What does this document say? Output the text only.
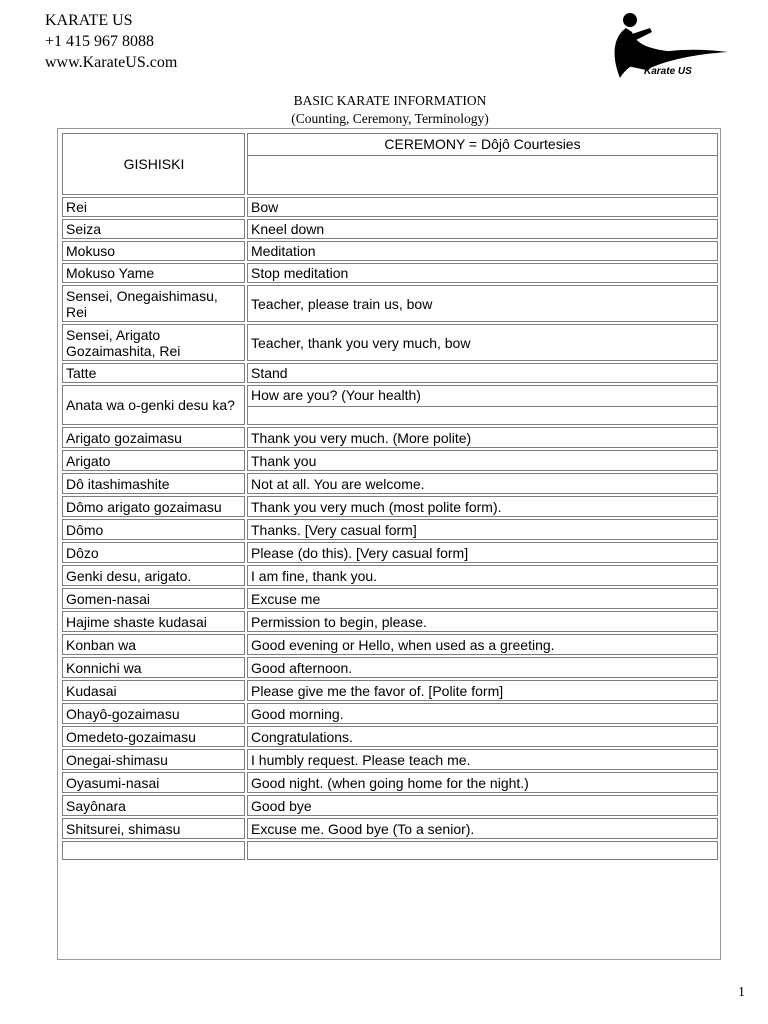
KARATE US
+1 415 967 8088
www.KarateUS.com
Karate US
BASIC KARATE INFORMATION
(Counting, Ceremony, Terminology)
GISHISKI	CEREMONY = Dôjô Courtesies

Rei	Bow
Seiza	Kneel down
Mokuso	Meditation
Mokuso Yame	Stop meditation
Sensei, Onegaishimasu, Rei	Teacher, please train us, bow
Sensei, Arigato Gozaimashita, Rei	Teacher, thank you very much, bow
Tatte	Stand
Anata wa o-genki desu ka?	How are you? (Your health)
Arigato gozaimasu	Thank you very much. (More polite)
Arigato	Thank you
Dô itashimashite	Not at all. You are welcome.
Dômo arigato gozaimasu	Thank you very much (most polite form).
Dômo	Thanks. [Very casual form]
Dôzo	Please (do this). [Very casual form]
Genki desu, arigato.	I am fine, thank you.
Gomen-nasai	Excuse me
Hajime shaste kudasai	Permission to begin, please.
Konban wa	Good evening or Hello, when used as a greeting.
Konnichi wa	Good afternoon.
Kudasai	Please give me the favor of. [Polite form]
Ohayô-gozaimasu	Good morning.
Omedeto-gozaimasu	Congratulations.
Onegai-shimasu	I humbly request. Please teach me.
Oyasumi-nasai	Good night. (when going home for the night.)
Sayônara	Good bye
Shitsurei, shimasu	Excuse me. Good bye (To a senior).

1
